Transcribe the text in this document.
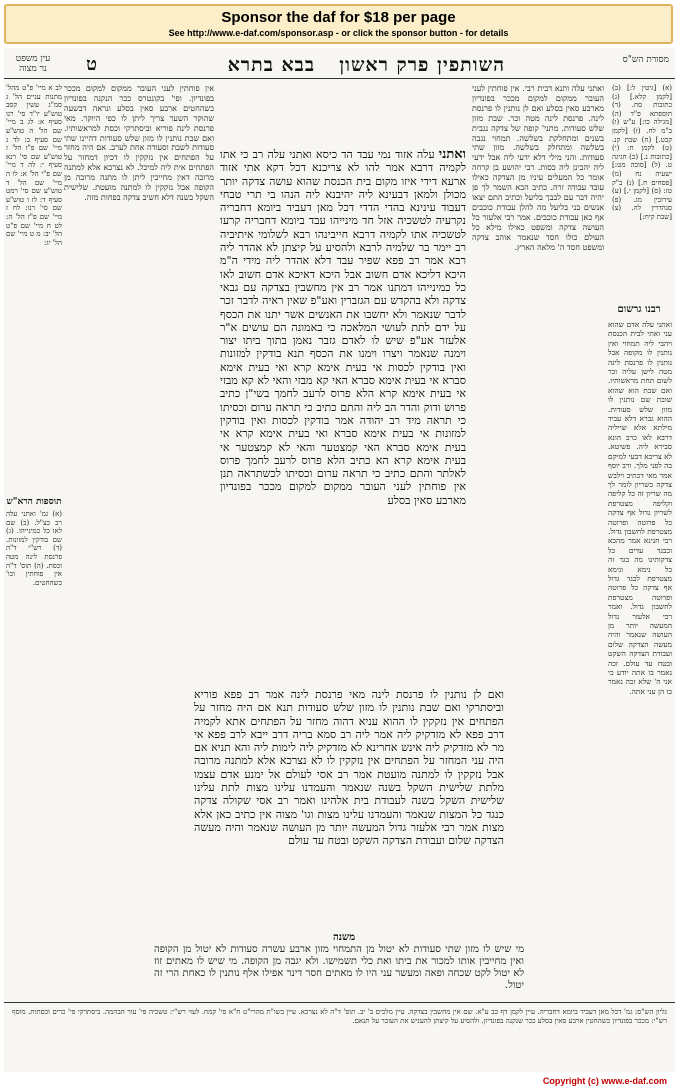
Sponsor the daf for $18 per page
See http://www.e-daf.com/sponsor.asp - or click the sponsor button - for details
מסורת הש"ס
השותפין פרק ראשון
בבא בתרא
ט
עין משפט
נר מצוה
(א) [גיטין ל:] (ב) [לקמן קלא.] (ג) כתובות סח. (ד) תוספתא פ"ד (ה) [מגילה כו:] ע"ש (ו) ב"מ לח. (ז) [לקמן קכט.] (ח) שבת קנ. (ט) לקמן ח: (י) [כתובות נ.] (כ) חגיגה ט. (ל) [סוכה מט:] ישעיה נח (מ) [פסחים ח.] (נ) ב"ק טז: (ס) [לקמן י.] (ע) עירובין מג. (פ) סנהדרין לה. (צ) [שבת קיח:]
רבנו גרשום
ואתני עלה אדם שהוא עני ואתי לבית הכנסת ויהבי ליה תמחוי ואין נותנין לו מקופה אבל נותנין לו פרנסת לינה מטה לישן עליה וכר לשום תחת מראשותיו. ואם שבת הוא שהוא שובת שם נותנין לו מזון שלש סעודות. ההוא גברא דלא עביד מילתא אלא שייליה דרבא לאו כרב הונא סבירא ליה. פשיטא. לא צריכא דבעי למיקם בה לפני מלך. ורב יוסף אמר מאי דכתיב וילבש צדקה כשריון לומר לך מה שריון זה כל קליפה וקליפה מצטרפת לשריון גדול אף צדקה כל פרוטה ופרוטה מצטרפת לחשבון גדול. רבי חנינא אמר מהכא וכבגד עדים כל צדקותינו מה בגד זה כל נימא ונימא מצטרפת לבגד גדול אף צדקה כל פרוטה ופרוטה מצטרפת לחשבון גדול. ואמר רבי אלעזר גדול המעשה יותר מן העושה שנאמר והיה מעשה הצדקה שלום ועבודת הצדקה השקט ובטח עד עולם. זכה נאמר בו אתה יודע כי אני ה' שלא זכה נאמר בו הן עני אתה.
ואתני עלה ותנא דבית רבי. אין פוחתין לעני העובר ממקום למקום מככר בפונדיון מארבע סאין בסלע ואם לן נותנין לו פרנסת לינה. פרנסת לינה מטה וכר. שבת מזון שלש סעודות. מתני' קופה של צדקה נגבית בשנים ומתחלקת בשלשה. תמחוי נגבה בשלשה ומתחלק בשלשה. מזון שתי סעודות. והני מילי דלא ידעי ליה אבל ידעי ליה יהבינן ליה כסות. רבי יהושע בן קרחה אומר כל המעלים עיניו מן הצדקה כאילו עובד עבודה זרה. כתיב הכא השמר לך פן יהיה דבר עם לבבך בליעל וכתיב התם יצאו אנשים בני בליעל מה להלן עבודת כוכבים אף כאן עבודת כוכבים. אמר רבי אלעזר כל העושה צדקה ומשפט כאילו מילא כל העולם כולו חסד שנאמר אוהב צדקה ומשפט חסד ה' מלאה הארץ.

ואתני עלה אזוד נמי עבד הד כיסא ואתני עלה רב כי אתו לקמיה דרבא אמר להו לא צריכנא דכל דקא אתי אזוד ארעא דידי איזו מקום בית הכנסת שהוא עושה צדקה יותר מכולן ולמאן דבעינא ליה יהיבנא ליה הנהו בי תרי טבחי דעבוד עינינא בהדי הדדי דכל מאן דעביד ביומא דחבריה נקרעיה לטשכיה אזל חד מינייהו עבד ביומא דחבריה קרעו לטשכיה אתו לקמיה דרבא חייבינהו רבא לשלומי איתיביה רב יימר בר שלמיה לרבא ולהסיע על קיצתן לא אהדר ליה רבא אמר רב פפא שפיר עבד דלא אהדר ליה מידי ה"מ היכא דליכא אדם חשוב אבל היכא דאיכא אדם חשוב לאו כל כמינייהו דמתנו אמר רב אין מחשבין בצדקה עם גבאי צדקה ולא בהקדש עם הגזברין ואע"פ שאין ראיה לדבר זכר לדבר שנאמר ולא יחשבו את האנשים אשר יתנו את הכסף על ידם לתת לעושי המלאכה כי באמונה הם עושים א"ר אלעזר אע"פ שיש לו לאדם גזבר נאמן בתוך ביתו יצור וימנה שנאמר ויצרו וימנו את הכסף תנא בודקין למזונות ואין בודקין לכסות אי בעית אימא קרא ואי בעית אימא סברא אי בעית אימא סברא האי קא מבזי והאי לא קא מבזי אי בעית אימא קרא הלא פרוס לרעב לחמך בשי"ן כתיב פרוש ודוק והדר הב ליה והתם כתיב כי תראה ערום וכסיתו כי תראה מיד רב יהודה אמר בודקין לכסות ואין בודקין למזונות אי בעית אימא סברא ואי בעית אימא קרא אי בעית אימא סברא האי קמצטער והאי לא קמצטער אי בעית אימא קרא הא כתיב הלא פרוס לרעב לחמך פרוס לאלתר והתם כתיב כי תראה ערום וכסיתו לכשתראה תנן אין פוחתין לעני העובר ממקום למקום מככר בפונדיון מארבע סאין בסלע

ואם לן נותנין לו פרנסת לינה מאי פרנסת לינה אמר רב פפא פוריא וביסתרקי ואם שבת נותנין לו מזון שלש סעודות תנא אם היה מחזר על הפתחים אין נזקקין לו ההוא עניא דהוה מחזר על הפתחים אתא לקמיה דרב פפא לא מזדקיק ליה אמר ליה רב סמא בריה דרב ייבא לרב פפא אי מר לא מזדקיק ליה אינש אחרינא לא מזדקיק ליה לימות ליה והא תניא אם היה עני המחזר על הפתחים אין נזקקין לו לא נצרכא אלא למתנה מרובה אבל נזקקין לו למתנה מועטת אמר רב אסי לעולם אל ימנע אדם עצמו מלתת שלישית השקל בשנה שנאמר והעמדנו עלינו מצות לתת עלינו שלישית השקל בשנה לעבודת בית אלהינו ואמר רב אסי שקולה צדקה כנגד כל המצות שנאמר והעמדנו עלינו מצות וגו' מצוה אין כתיב כאן אלא מצות אמר רבי אלעזר גדול המעשה יותר מן העושה שנאמר והיה מעשה הצדקה שלום ועבודת הצדקה השקט ובטח עד עולם
אין פוחתין לעני העובר ממקום למקום מככר בפונדיון. ופי' בקונטרס ככר הנקנה בפונדיון כשהחטים ארבע סאין בסלע ונראה דבשעה שהוקר השער צריך ליתן לו כפי היוקר. מאי פרנסת לינה פוריא וביסתרקי וכסת למראשותיו. ואם שבת נותנין לו מזון שלש סעודות דהיינו שתי סעודות לשבת וסעודה אחת לערב. אם היה מחזר על הפתחים אין נזקקין לו דכיון דמחזר על הפתחים אית ליה למיכל. לא נצרכא אלא למתנה מרובה דאין מחייבין ליתן לו מתנה מרובה מן הקופה אבל נזקקין לו למתנה מועטת. שלישית השקל בשנה דלא חשיב צדקה בפחות מזה.
לב א מיי' פ"ט מהל' מתנות עניים הל' ג סמ"ג עשין קסב טוש"ע יו"ד סי' רנו סעיף א: לג ב מיי' שם הל' ה טוש"ע שם סעיף ב: לד ג מיי' שם פ"ז הל' ז טוש"ע שם סי' רנא סעיף י: לה ד מיי' שם פ"י הל' א: לו ה מיי' שם הל' ד טוש"ע שם סי' רמט סעיף ד: לז ו טוש"ע שם סי' רנו: לח ז מיי' שם פ"ז הל' ה: לט ח מיי' שם פ"ט הל' יב: מ ט מיי' שם הל' יג:
תוספות הרא"ש
(א) גמ' ואתני עלה רב כצ"ל. (ב) שם לאו כל כמינייהו. (ג) שם בודקין למזונות. (ד) רש"י ד"ה פרנסת לינה מטה וכסת. (ה) תוס' ד"ה אין פוחתין וכו' כשהחטים.
משנה
מי שיש לו מזון שתי סעודות לא יטול מן התמחוי מזון ארבע עשרה סעודות לא יטול מן הקופה ואין מחייבין אותו למכור את ביתו ואת כלי תשמישו. ולא יגבה מן הקופה. מי שיש לו מאתים זוז לא יטול לקט שכחה ופאה ומעשר עני היו לו מאתים חסר דינר אפילו אלף נותנין לו כאחת הרי זה יטול.
גליון הש"ס: גמ' דכל מאן דעביד ביומא דחבריה. עיין לקמן דף כב ע"א. שם אין מחשבין בצדקה. עיין מלכים ב' יב. תוס' ד"ה לא נצרכא. עיין בשו"ת מהרי"ט ח"א סי' קמח. לעזי רש"י: טשכיה פי' עור הבהמה. ביסתרקי פי' כרים וכסתות. מוסף רש"י: מככר בפונדיון כשהחטין ארבע סאין בסלע ככר שנקנה בפונדיון. ולהסיע על קיצתן להעניש את העובר על תנאם.
Copyright (c) www.e-daf.com
